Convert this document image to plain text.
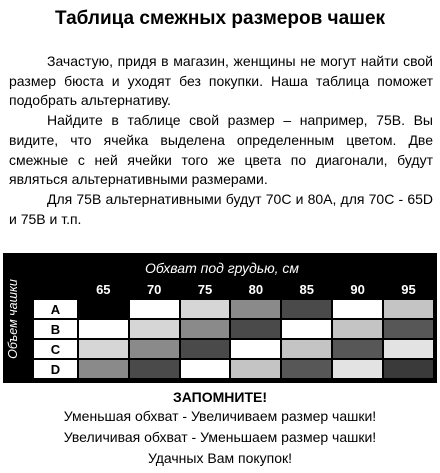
Таблица смежных размеров чашек

Зачастую, придя в магазин, женщины не могут найти свой размер бюста и уходят без покупки. Наша таблица поможет подобрать альтернативу.

Найдите в таблице свой размер – например, 75В. Вы видите, что ячейка выделена определенным цветом. Две смежные с ней ячейки того же цвета по диагонали, будут являться альтернативными размерами.

Для 75В альтернативными будут 70С и 80А, для 70С - 65D и 75В и т.п.

Обхват под грудью, см
Объем чашки
		65	70	75	80	85	90	95
A							
B							
C							
D							
ЗАПОМНИТЕ!
Уменьшая обхват - Увеличиваем размер чашки!
Увеличивая обхват - Уменьшаем размер чашки!
Удачных Вам покупок!
